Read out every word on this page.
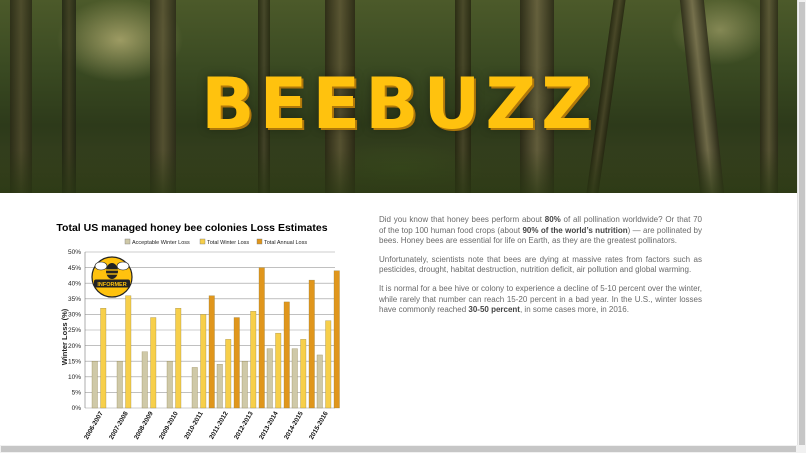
BEEBUZZ
Total US managed honey bee colonies Loss Estimates
Acceptable Winter Loss	Total Winter Loss	Total Annual Loss
Winter Loss (%)
0%
5%
10%
15%
20%
25%
30%
35%
40%
45%
50%
2006-2007 2007-2008 2008-2009 2009-2010 2010-2011 2011-2012 2012-2013 2013-2014 2014-2015 2015-2016
INFORMER

Did you know that honey bees perform about 80% of all pollination worldwide? Or that 70 of the top 100 human food crops (about 90% of the world’s nutrition) — are pollinated by bees. Honey bees are essential for life on Earth, as they are the greatest pollinators.

Unfortunately, scientists note that bees are dying at massive rates from factors such as pesticides, drought, habitat destruction, nutrition deficit, air pollution and global warming.

It is normal for a bee hive or colony to experience a decline of 5-10 percent over the winter, while rarely that number can reach 15-20 percent in a bad year. In the U.S., winter losses have commonly reached 30-50 percent, in some cases more, in 2016.
